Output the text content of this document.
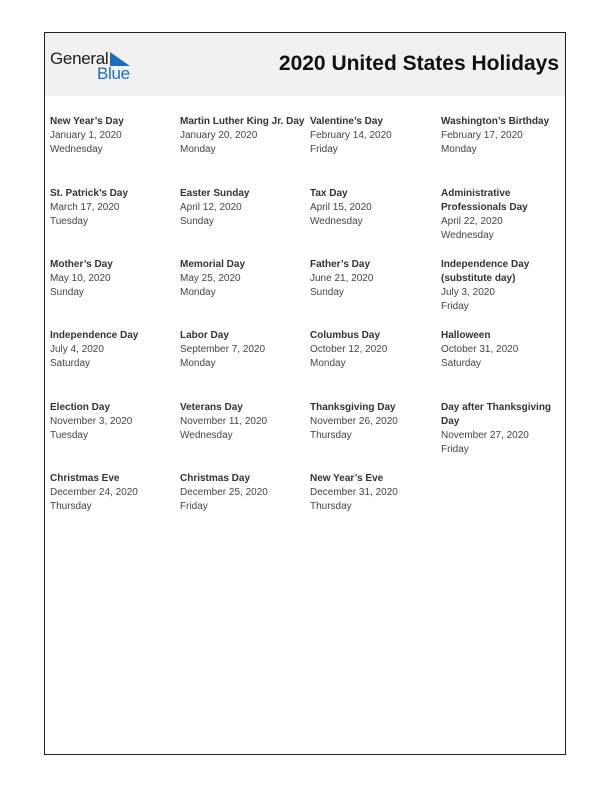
General
Blue	2020 United States Holidays
New Year’s Day
January 1, 2020
Wednesday
Martin Luther King Jr. Day
January 20, 2020
Monday
Valentine’s Day
February 14, 2020
Friday
Washington’s Birthday
February 17, 2020
Monday
St. Patrick’s Day
March 17, 2020
Tuesday
Easter Sunday
April 12, 2020
Sunday
Tax Day
April 15, 2020
Wednesday
Administrative Professionals Day
April 22, 2020
Wednesday
Mother’s Day
May 10, 2020
Sunday
Memorial Day
May 25, 2020
Monday
Father’s Day
June 21, 2020
Sunday
Independence Day (substitute day)
July 3, 2020
Friday
Independence Day
July 4, 2020
Saturday
Labor Day
September 7, 2020
Monday
Columbus Day
October 12, 2020
Monday
Halloween
October 31, 2020
Saturday
Election Day
November 3, 2020
Tuesday
Veterans Day
November 11, 2020
Wednesday
Thanksgiving Day
November 26, 2020
Thursday
Day after Thanksgiving Day
November 27, 2020
Friday
Christmas Eve
December 24, 2020
Thursday
Christmas Day
December 25, 2020
Friday
New Year’s Eve
December 31, 2020
Thursday
